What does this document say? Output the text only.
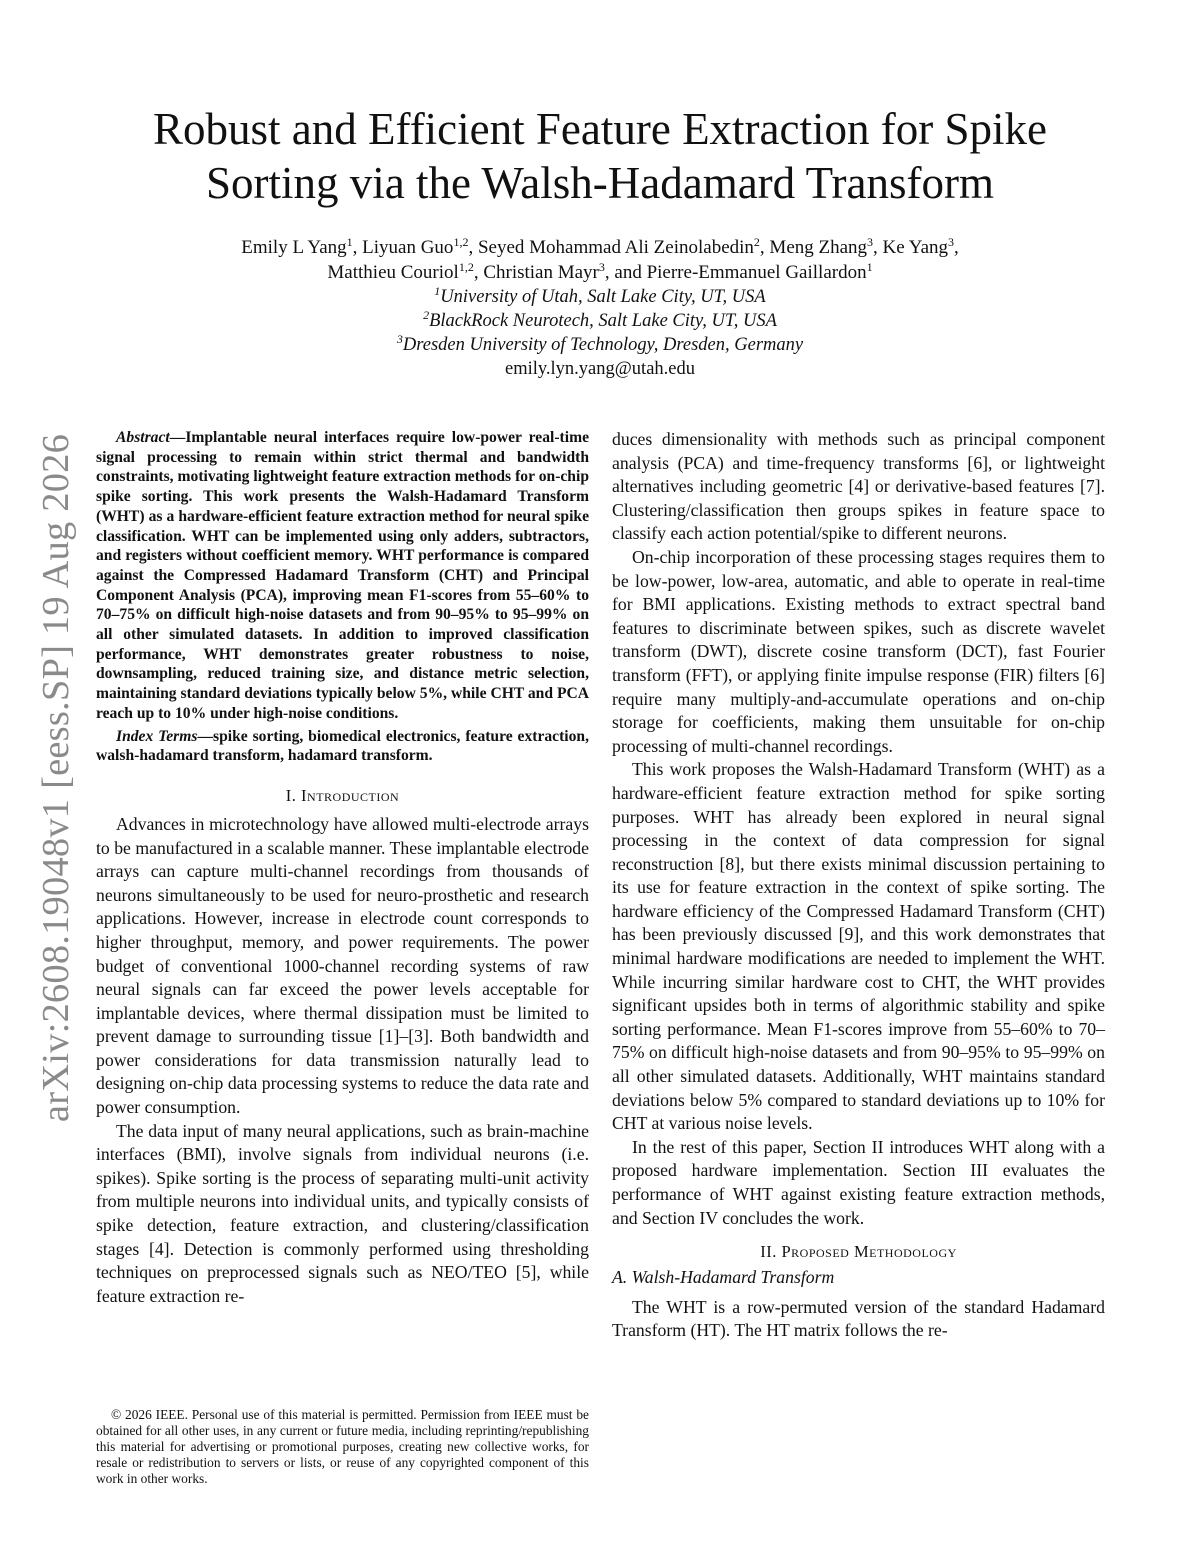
arXiv:2608.19048v1 [eess.SP] 19 Aug 2026
Robust and Efficient Feature Extraction for Spike
Sorting via the Walsh-Hadamard Transform
Emily L Yang$^1$, Liyuan Guo$^{1,2}$, Seyed Mohammad Ali Zeinolabedin$^2$, Meng Zhang$^3$, Ke Yang$^3$,
Matthieu Couriol$^{1,2}$, Christian Mayr$^3$, and Pierre-Emmanuel Gaillardon$^1$
$^1$University of Utah, Salt Lake City, UT, USA
$^2$BlackRock Neurotech, Salt Lake City, UT, USA
$^3$Dresden University of Technology, Dresden, Germany
emily.lyn.yang@utah.edu

Abstract—Implantable neural interfaces require low-power real-time signal processing to remain within strict thermal and bandwidth constraints, motivating lightweight feature extraction methods for on-chip spike sorting. This work presents the Walsh-Hadamard Transform (WHT) as a hardware-efficient feature extraction method for neural spike classification. WHT can be implemented using only adders, subtractors, and registers without coefficient memory. WHT performance is compared against the Compressed Hadamard Transform (CHT) and Principal Component Analysis (PCA), improving mean F1-scores from 55–60% to 70–75% on difficult high-noise datasets and from 90–95% to 95–99% on all other simulated datasets. In addition to improved classification performance, WHT demonstrates greater robustness to noise, downsampling, reduced training size, and distance metric selection, maintaining standard deviations typically below 5%, while CHT and PCA reach up to 10% under high-noise conditions.

Index Terms—spike sorting, biomedical electronics, feature extraction, walsh-hadamard transform, hadamard transform.

I. Introduction

Advances in microtechnology have allowed multi-electrode arrays to be manufactured in a scalable manner. These implantable electrode arrays can capture multi-channel recordings from thousands of neurons simultaneously to be used for neuro-prosthetic and research applications. However, increase in electrode count corresponds to higher throughput, memory, and power requirements. The power budget of conventional 1000-channel recording systems of raw neural signals can far exceed the power levels acceptable for implantable devices, where thermal dissipation must be limited to prevent damage to surrounding tissue [1]–[3]. Both bandwidth and power considerations for data transmission naturally lead to designing on-chip data processing systems to reduce the data rate and power consumption.

The data input of many neural applications, such as brain-machine interfaces (BMI), involve signals from individual neurons (i.e. spikes). Spike sorting is the process of separating multi-unit activity from multiple neurons into individual units, and typically consists of spike detection, feature extraction, and clustering/classification stages [4]. Detection is commonly performed using thresholding techniques on preprocessed signals such as NEO/TEO [5], while feature extraction re-

duces dimensionality with methods such as principal component analysis (PCA) and time-frequency transforms [6], or lightweight alternatives including geometric [4] or derivative-based features [7]. Clustering/classification then groups spikes in feature space to classify each action potential/spike to different neurons.

On-chip incorporation of these processing stages requires them to be low-power, low-area, automatic, and able to operate in real-time for BMI applications. Existing methods to extract spectral band features to discriminate between spikes, such as discrete wavelet transform (DWT), discrete cosine transform (DCT), fast Fourier transform (FFT), or applying finite impulse response (FIR) filters [6] require many multiply-and-accumulate operations and on-chip storage for coefficients, making them unsuitable for on-chip processing of multi-channel recordings.

This work proposes the Walsh-Hadamard Transform (WHT) as a hardware-efficient feature extraction method for spike sorting purposes. WHT has already been explored in neural signal processing in the context of data compression for signal reconstruction [8], but there exists minimal discussion pertaining to its use for feature extraction in the context of spike sorting. The hardware efficiency of the Compressed Hadamard Transform (CHT) has been previously discussed [9], and this work demonstrates that minimal hardware modifications are needed to implement the WHT. While incurring similar hardware cost to CHT, the WHT provides significant upsides both in terms of algorithmic stability and spike sorting performance. Mean F1-scores improve from 55–60% to 70–75% on difficult high-noise datasets and from 90–95% to 95–99% on all other simulated datasets. Additionally, WHT maintains standard deviations below 5% compared to standard deviations up to 10% for CHT at various noise levels.

In the rest of this paper, Section II introduces WHT along with a proposed hardware implementation. Section III evaluates the performance of WHT against existing feature extraction methods, and Section IV concludes the work.

II. Proposed Methodology

A. Walsh-Hadamard Transform

The WHT is a row-permuted version of the standard Hadamard Transform (HT). The HT matrix follows the re-

© 2026 IEEE. Personal use of this material is permitted. Permission from IEEE must be obtained for all other uses, in any current or future media, including reprinting/republishing this material for advertising or promotional purposes, creating new collective works, for resale or redistribution to servers or lists, or reuse of any copyrighted component of this work in other works.
